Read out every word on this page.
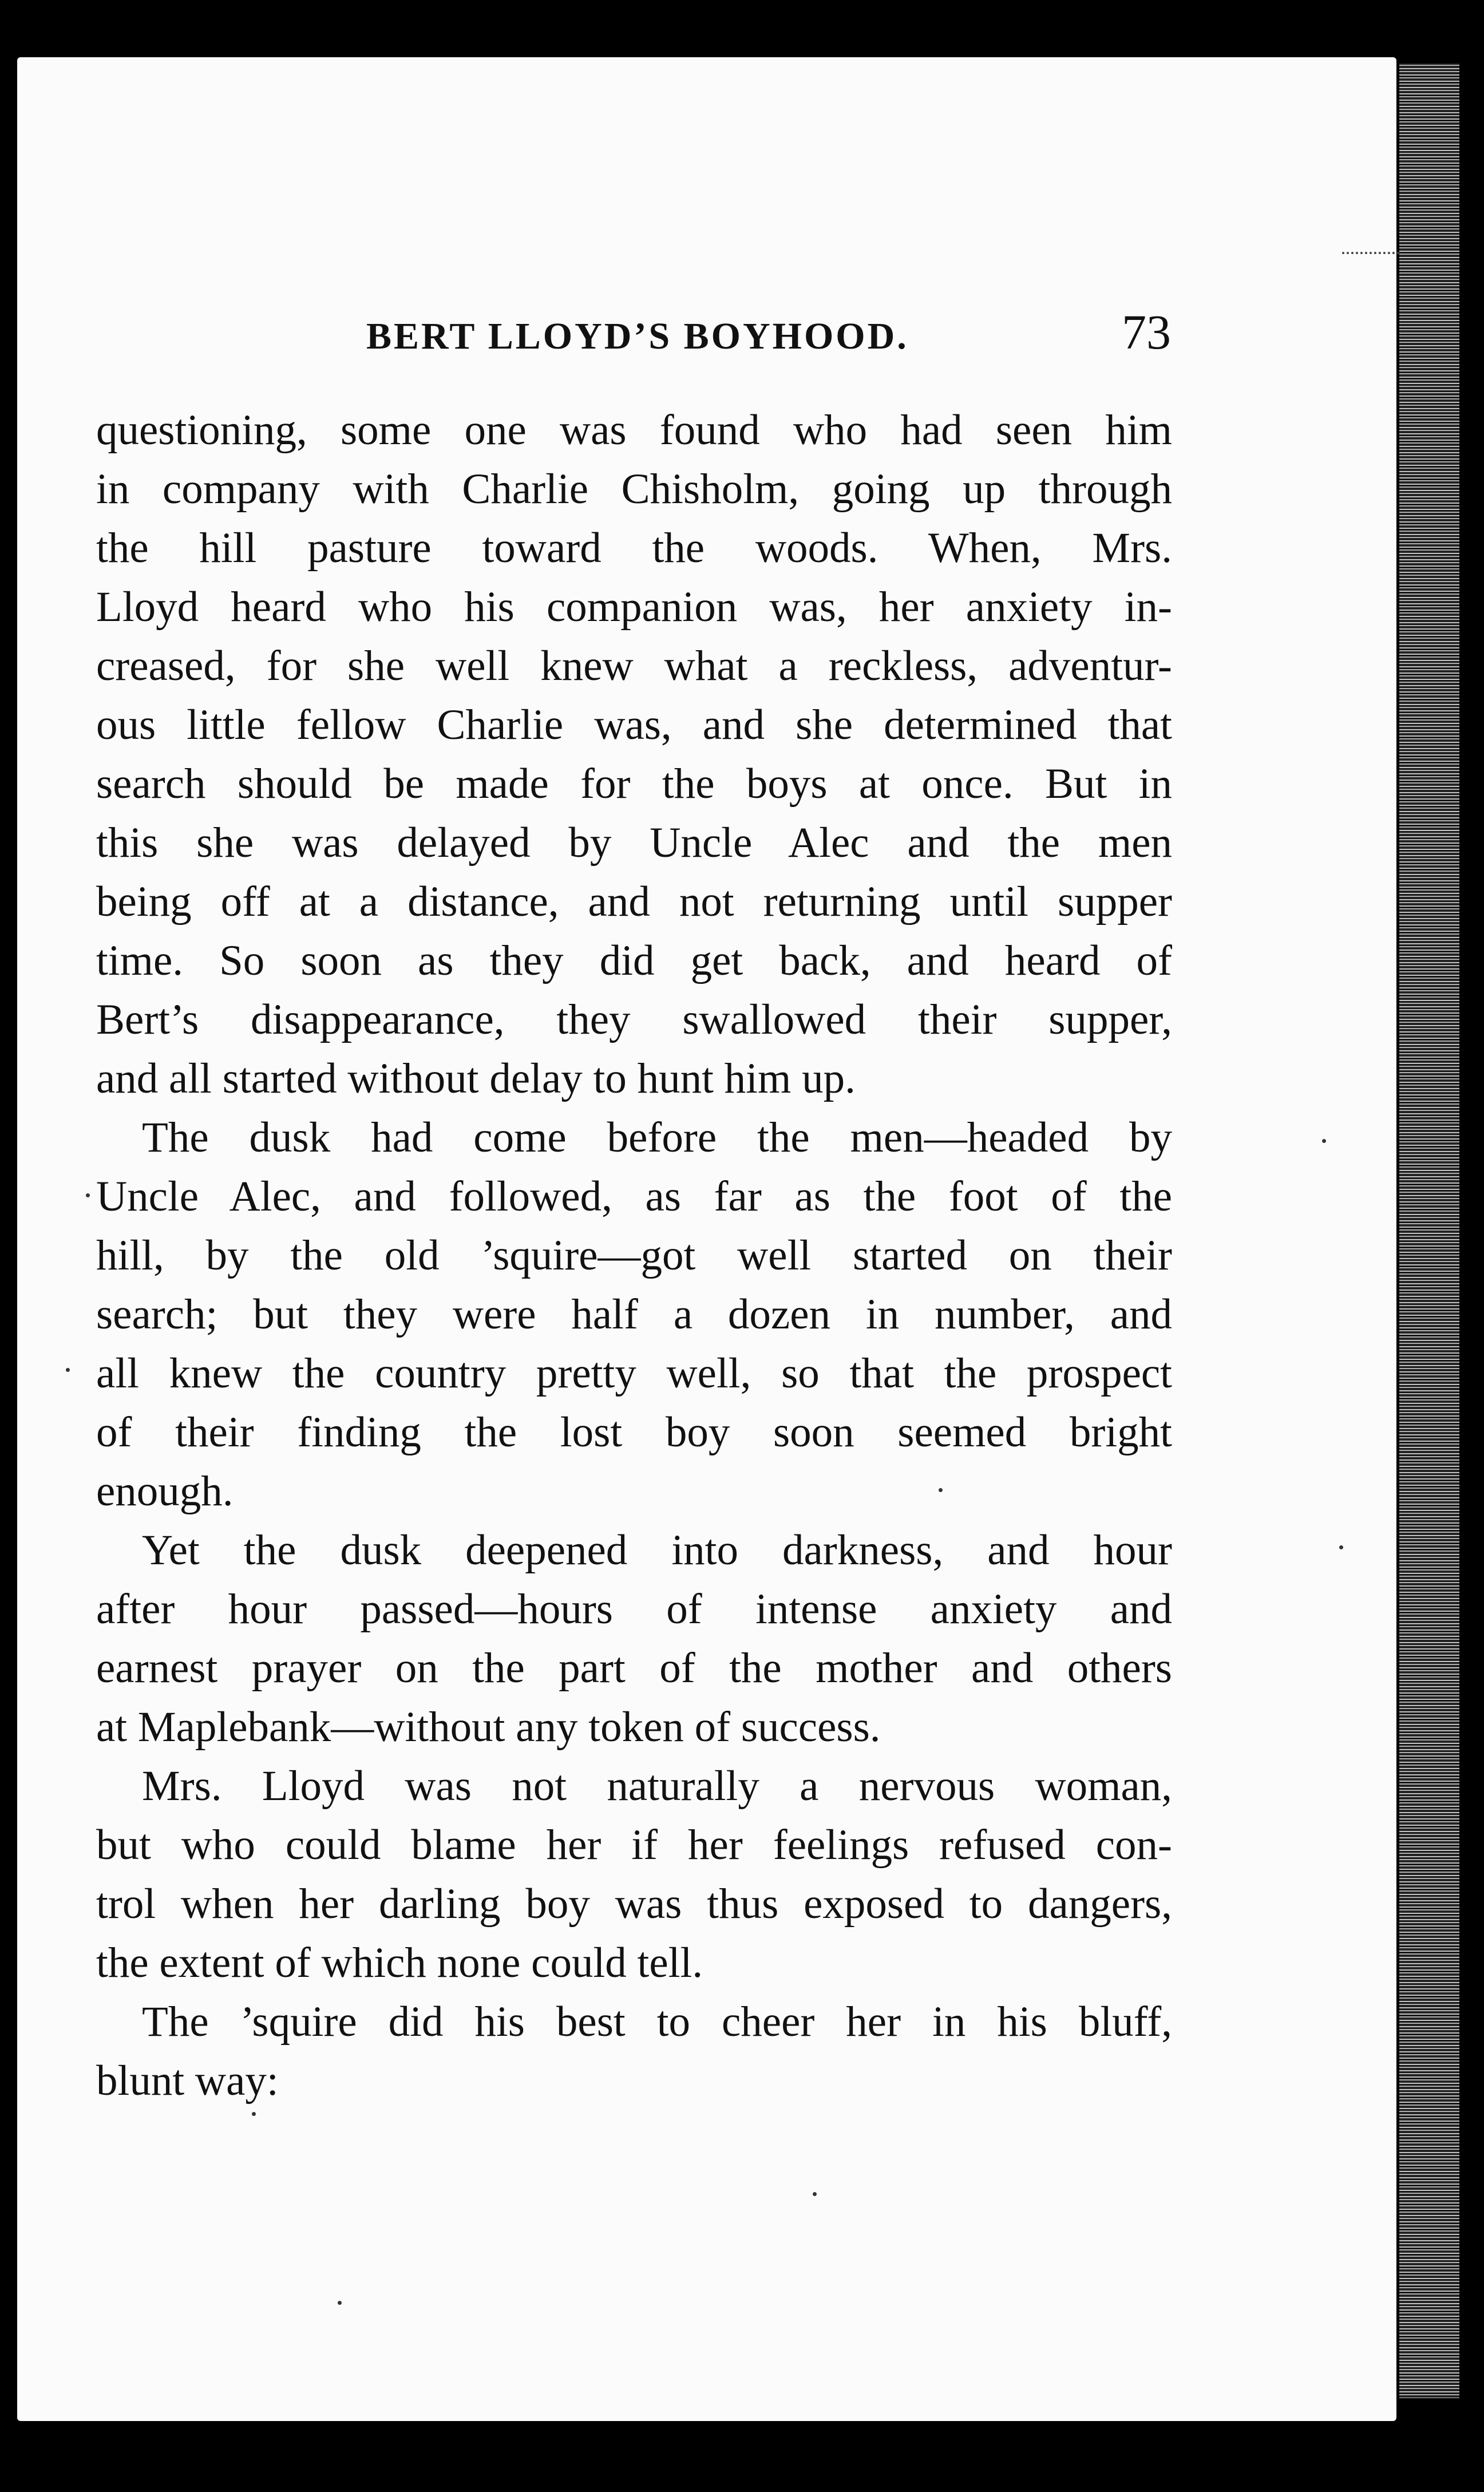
BERT LLOYD’S BOYHOOD.	73
questioning, some one was found who had seen him
in company with Charlie Chisholm, going up through
the hill pasture toward the woods. When, Mrs.
Lloyd heard who his companion was, her anxiety in-
creased, for she well knew what a reckless, adventur-
ous little fellow Charlie was, and she determined that
search should be made for the boys at once. But in
this she was delayed by Uncle Alec and the men
being off at a distance, and not returning until supper
time. So soon as they did get back, and heard of
Bert’s disappearance, they swallowed their supper,
and all started without delay to hunt him up.
The dusk had come before the men—headed by
Uncle Alec, and followed, as far as the foot of the
hill, by the old ’squire—got well started on their
search; but they were half a dozen in number, and
all knew the country pretty well, so that the prospect
of their finding the lost boy soon seemed bright
enough.
Yet the dusk deepened into darkness, and hour
after hour passed—hours of intense anxiety and
earnest prayer on the part of the mother and others
at Maplebank—without any token of success.
Mrs. Lloyd was not naturally a nervous woman,
but who could blame her if her feelings refused con-
trol when her darling boy was thus exposed to dangers,
the extent of which none could tell.
The ’squire did his best to cheer her in his bluff,
blunt way:
